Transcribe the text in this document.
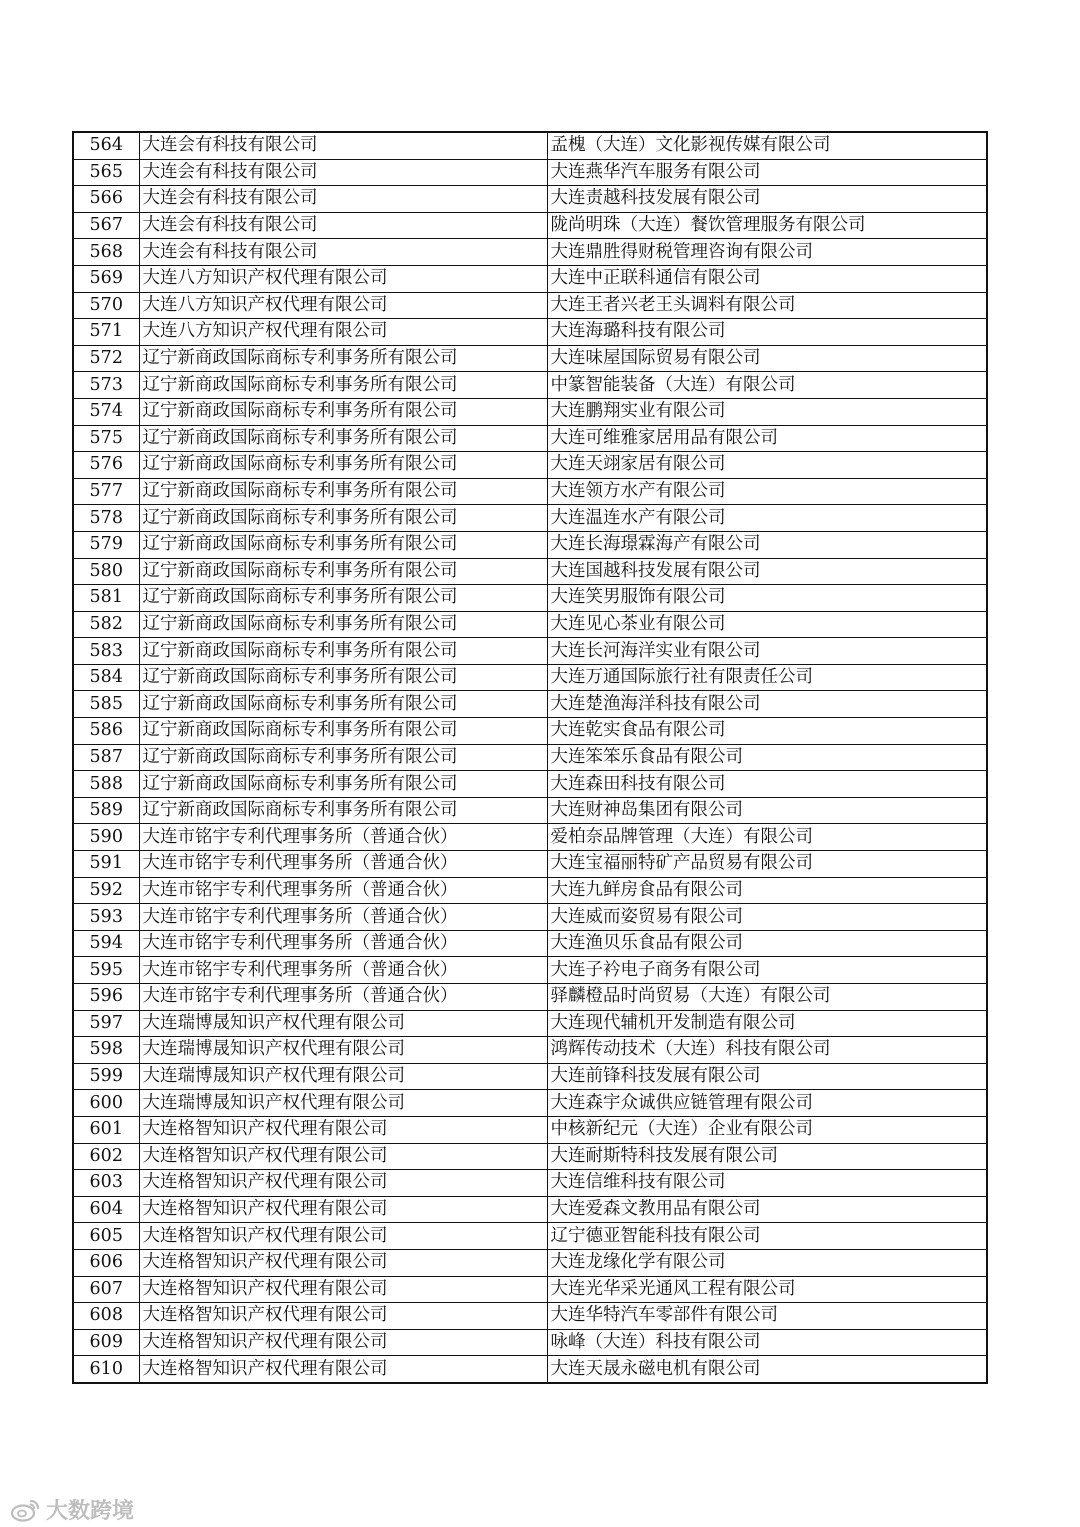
564	大连会有科技有限公司	孟槐（大连）文化影视传媒有限公司
565	大连会有科技有限公司	大连燕华汽车服务有限公司
566	大连会有科技有限公司	大连责越科技发展有限公司
567	大连会有科技有限公司	陇尚明珠（大连）餐饮管理服务有限公司
568	大连会有科技有限公司	大连鼎胜得财税管理咨询有限公司
569	大连八方知识产权代理有限公司	大连中正联科通信有限公司
570	大连八方知识产权代理有限公司	大连王者兴老王头调料有限公司
571	大连八方知识产权代理有限公司	大连海璐科技有限公司
572	辽宁新商政国际商标专利事务所有限公司	大连味屋国际贸易有限公司
573	辽宁新商政国际商标专利事务所有限公司	中篆智能装备（大连）有限公司
574	辽宁新商政国际商标专利事务所有限公司	大连鹏翔实业有限公司
575	辽宁新商政国际商标专利事务所有限公司	大连可维雅家居用品有限公司
576	辽宁新商政国际商标专利事务所有限公司	大连天翊家居有限公司
577	辽宁新商政国际商标专利事务所有限公司	大连领方水产有限公司
578	辽宁新商政国际商标专利事务所有限公司	大连温连水产有限公司
579	辽宁新商政国际商标专利事务所有限公司	大连长海璟霖海产有限公司
580	辽宁新商政国际商标专利事务所有限公司	大连国越科技发展有限公司
581	辽宁新商政国际商标专利事务所有限公司	大连笑男服饰有限公司
582	辽宁新商政国际商标专利事务所有限公司	大连见心茶业有限公司
583	辽宁新商政国际商标专利事务所有限公司	大连长河海洋实业有限公司
584	辽宁新商政国际商标专利事务所有限公司	大连万通国际旅行社有限责任公司
585	辽宁新商政国际商标专利事务所有限公司	大连楚渔海洋科技有限公司
586	辽宁新商政国际商标专利事务所有限公司	大连乾实食品有限公司
587	辽宁新商政国际商标专利事务所有限公司	大连笨笨乐食品有限公司
588	辽宁新商政国际商标专利事务所有限公司	大连森田科技有限公司
589	辽宁新商政国际商标专利事务所有限公司	大连财神岛集团有限公司
590	大连市铭宇专利代理事务所（普通合伙）	爱柏奈品牌管理（大连）有限公司
591	大连市铭宇专利代理事务所（普通合伙）	大连宝福丽特矿产品贸易有限公司
592	大连市铭宇专利代理事务所（普通合伙）	大连九鲜房食品有限公司
593	大连市铭宇专利代理事务所（普通合伙）	大连威而姿贸易有限公司
594	大连市铭宇专利代理事务所（普通合伙）	大连渔贝乐食品有限公司
595	大连市铭宇专利代理事务所（普通合伙）	大连子衿电子商务有限公司
596	大连市铭宇专利代理事务所（普通合伙）	驿麟橙品时尚贸易（大连）有限公司
597	大连瑞博晟知识产权代理有限公司	大连现代辅机开发制造有限公司
598	大连瑞博晟知识产权代理有限公司	鸿辉传动技术（大连）科技有限公司
599	大连瑞博晟知识产权代理有限公司	大连前锋科技发展有限公司
600	大连瑞博晟知识产权代理有限公司	大连森宇众诚供应链管理有限公司
601	大连格智知识产权代理有限公司	中核新纪元（大连）企业有限公司
602	大连格智知识产权代理有限公司	大连耐斯特科技发展有限公司
603	大连格智知识产权代理有限公司	大连信维科技有限公司
604	大连格智知识产权代理有限公司	大连爱森文教用品有限公司
605	大连格智知识产权代理有限公司	辽宁德亚智能科技有限公司
606	大连格智知识产权代理有限公司	大连龙缘化学有限公司
607	大连格智知识产权代理有限公司	大连光华采光通风工程有限公司
608	大连格智知识产权代理有限公司	大连华特汽车零部件有限公司
609	大连格智知识产权代理有限公司	咏峰（大连）科技有限公司
610	大连格智知识产权代理有限公司	大连天晟永磁电机有限公司
大数跨境
